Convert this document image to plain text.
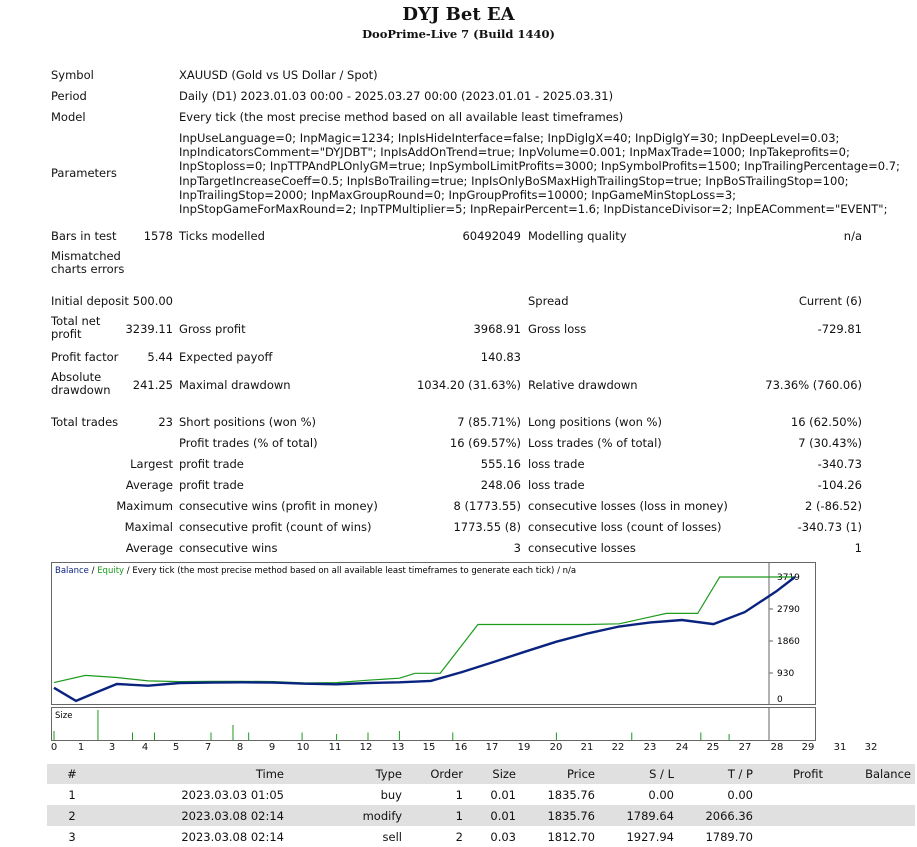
DYJ Bet EA
DooPrime-Live 7 (Build 1440)
Symbol	XAUUSD (Gold vs US Dollar / Spot)
Period	Daily (D1) 2023.01.03 00:00 - 2025.03.27 00:00 (2023.01.01 - 2025.03.31)
Model	Every tick (the most precise method based on all available least timeframes)
Parameters
InpUseLanguage=0; InpMagic=1234; InpIsHideInterface=false; InpDiglgX=40; InpDiglgY=30; InpDeepLevel=0.03;
InpIndicatorsComment="DYJDBT"; InpIsAddOnTrend=true; InpVolume=0.001; InpMaxTrade=1000; InpTakeprofits=0;
InpStoploss=0; InpTTPAndPLOnlyGM=true; InpSymbolLimitProfits=3000; InpSymbolProfits=1500; InpTrailingPercentage=0.7;
InpTargetIncreaseCoeff=0.5; InpIsBoTrailing=true; InpIsOnlyBoSMaxHighTrailingStop=true; InpBoSTrailingStop=100;
InpTrailingStop=2000; InpMaxGroupRound=0; InpGroupProfits=10000; InpGameMinStopLoss=3;
InpStopGameForMaxRound=2; InpTPMultiplier=5; InpRepairPercent=1.6; InpDistanceDivisor=2; InpEAComment="EVENT";
Bars in test	1578 Ticks modelled	60492049 Modelling quality	n/a
Mismatched charts errors
Initial deposit 500.00	Spread	Current (6)
Total net profit	3239.11 Gross profit	3968.91 Gross loss	-729.81
Profit factor	5.44 Expected payoff	140.83
Absolute drawdown	241.25 Maximal drawdown	1034.20 (31.63%) Relative drawdown	73.36% (760.06)
Total trades	23 Short positions (won %)	7 (85.71%) Long positions (won %)	16 (62.50%)
Profit trades (% of total)	16 (69.57%) Loss trades (% of total)	7 (30.43%)
Largest profit trade	555.16 loss trade	-340.73
Average profit trade	248.06 loss trade	-104.26
Maximum consecutive wins (profit in money)	8 (1773.55) consecutive losses (loss in money)	2 (-86.52)
Maximal consecutive profit (count of wins)	1773.55 (8) consecutive loss (count of losses)	-340.73 (1)
Average consecutive wins	3 consecutive losses	1
3719
2790
1860
930
0
Balance / Equity / Every tick (the most precise method based on all available least timeframes to generate each tick) / n/a
Size
0 1 3	4 5	7	8	9 10 11 12 13 15 16 17 19 20 21 22 23 24 25 27 28 29 31 32
#	Time	Type	Order	Size	Price	S / L	T / P	Profit	Balance
1	2023.03.03 01:05	buy	1	0.01	1835.76	0.00	0.00		
2	2023.03.08 02:14	modify	1	0.01	1835.76	1789.64	2066.36		
3	2023.03.08 02:14	sell	2	0.03	1812.70	1927.94	1789.70		
